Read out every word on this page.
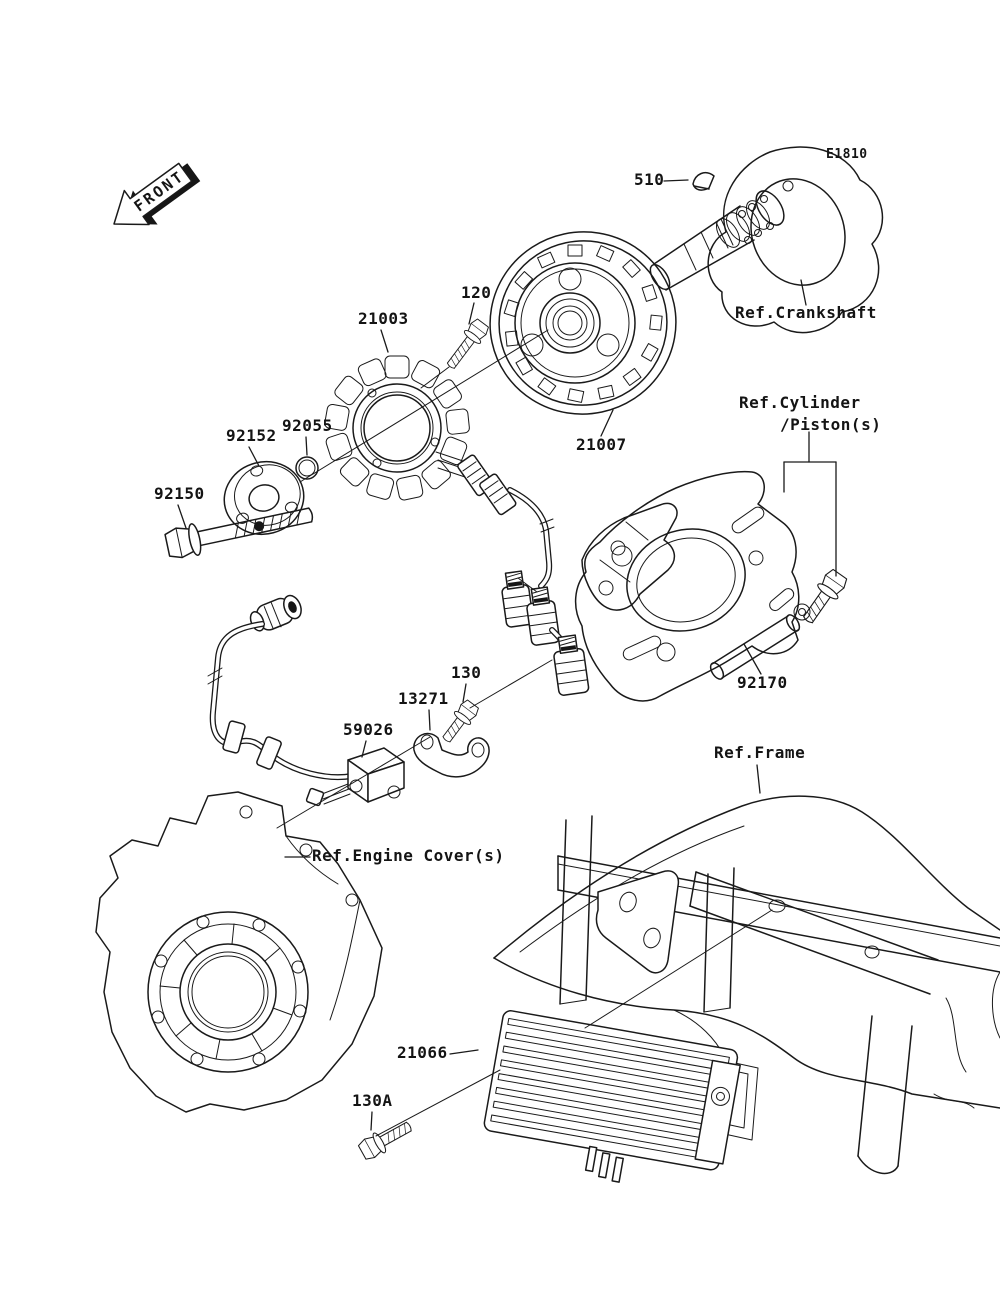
FRONT
E1810
510
Ref.Crankshaft
120
21003
21007
Ref.Cylinder
/Piston(s)
92152
92055
92150
92170
130
13271
59026
Ref.Frame
Ref.Engine Cover(s)
21066
130A
